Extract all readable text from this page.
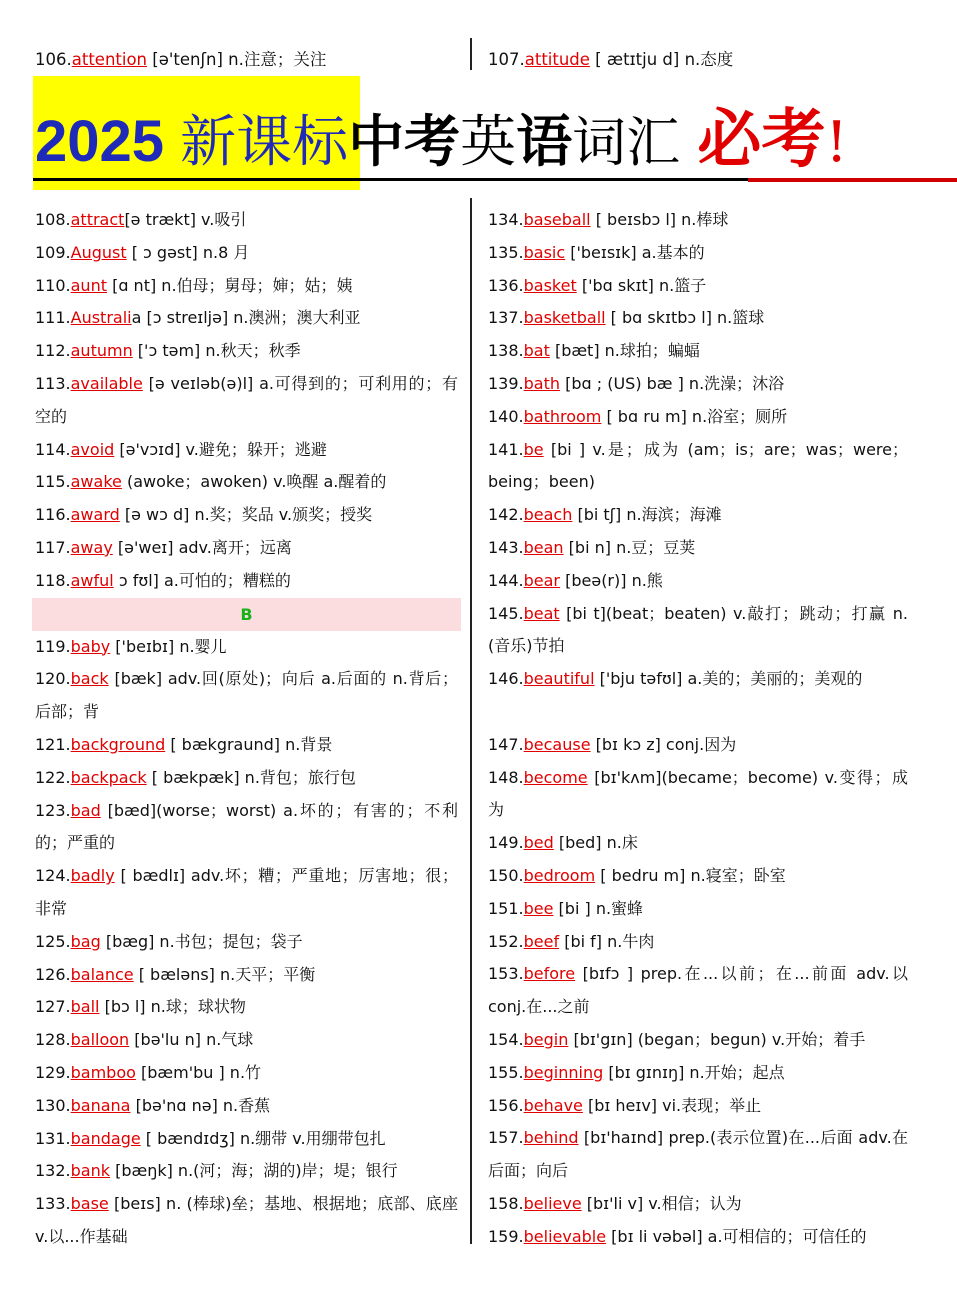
106.attention [ə'tenʃn] n.注意；关注	107.attitude [ ætɪtju d] n.态度
2025 新课标中考英语词汇 必考!
108.attract[ə trækt] v.吸引
109.August [ ɔ gəst] n.8 月
110.aunt [ɑ nt] n.伯母；舅母；婶；姑；姨
111.Australia [ɔ streɪljə] n.澳洲；澳大利亚
112.autumn ['ɔ təm] n.秋天；秋季
113.available [ə veɪləb(ə)l] a.可得到的；可利用的；有空的
114.avoid [ə'vɔɪd] v.避免；躲开；逃避
115.awake (awoke；awoken) v.唤醒 a.醒着的
116.award [ə wɔ d] n.奖；奖品 v.颁奖；授奖
117.away [ə'weɪ] adv.离开；远离
118.awful ɔ fʊl] a.可怕的；糟糕的
B
119.baby ['beɪbɪ] n.婴儿
120.back [bæk] adv.回(原处)；向后 a.后面的 n.背后；后部；背
121.background [ bækgraund] n.背景
122.backpack [ bækpæk] n.背包；旅行包
123.bad [bæd](worse；worst) a.坏的；有害的；不利的；严重的
124.badly [ bædlɪ] adv.坏；糟；严重地；厉害地；很；非常
125.bag [bæg] n.书包；提包；袋子
126.balance [ bæləns] n.天平；平衡
127.ball [bɔ l] n.球；球状物
128.balloon [bə'lu n] n.气球
129.bamboo [bæm'bu ] n.竹
130.banana [bə'nɑ nə] n.香蕉
131.bandage [ bændɪdʒ] n.绷带 v.用绷带包扎
132.bank [bæŋk] n.(河；海；湖的)岸；堤；银行
133.base [beɪs] n. (棒球)垒；基地、根据地；底部、底座 v.以...作基础
134.baseball [ beɪsbɔ l] n.棒球
135.basic ['beɪsɪk] a.基本的
136.basket ['bɑ skɪt] n.篮子
137.basketball [ bɑ skɪtbɔ l] n.篮球
138.bat [bæt] n.球拍；蝙蝠
139.bath [bɑ ; (US) bæ ] n.洗澡；沐浴
140.bathroom [ bɑ ru m] n.浴室；厕所
141.be [bi ] v.是；成为 (am；is；are；was；were；being；been)
142.beach [bi tʃ] n.海滨；海滩
143.bean [bi n] n.豆；豆荚
144.bear [beə(r)] n.熊
145.beat [bi t](beat；beaten) v.敲打；跳动；打赢 n.(音乐)节拍
146.beautiful ['bju təfʊl] a.美的；美丽的；美观的
147.because [bɪ kɔ z] conj.因为
148.become [bɪ'kʌm](became；become) v.变得；成为
149.bed [bed] n.床
150.bedroom [ bedru m] n.寝室；卧室
151.bee [bi ] n.蜜蜂
152.beef [bi f] n.牛肉
153.before [bɪfɔ ] prep.在...以前；在...前面 adv.以 conj.在...之前
154.begin [bɪ'gɪn] (began；begun) v.开始；着手
155.beginning [bɪ gɪnɪŋ] n.开始；起点
156.behave [bɪ heɪv] vi.表现；举止
157.behind [bɪ'haɪnd] prep.(表示位置)在...后面 adv.在后面；向后
158.believe [bɪ'li v] v.相信；认为
159.believable [bɪ li vəbəl] a.可相信的；可信任的
